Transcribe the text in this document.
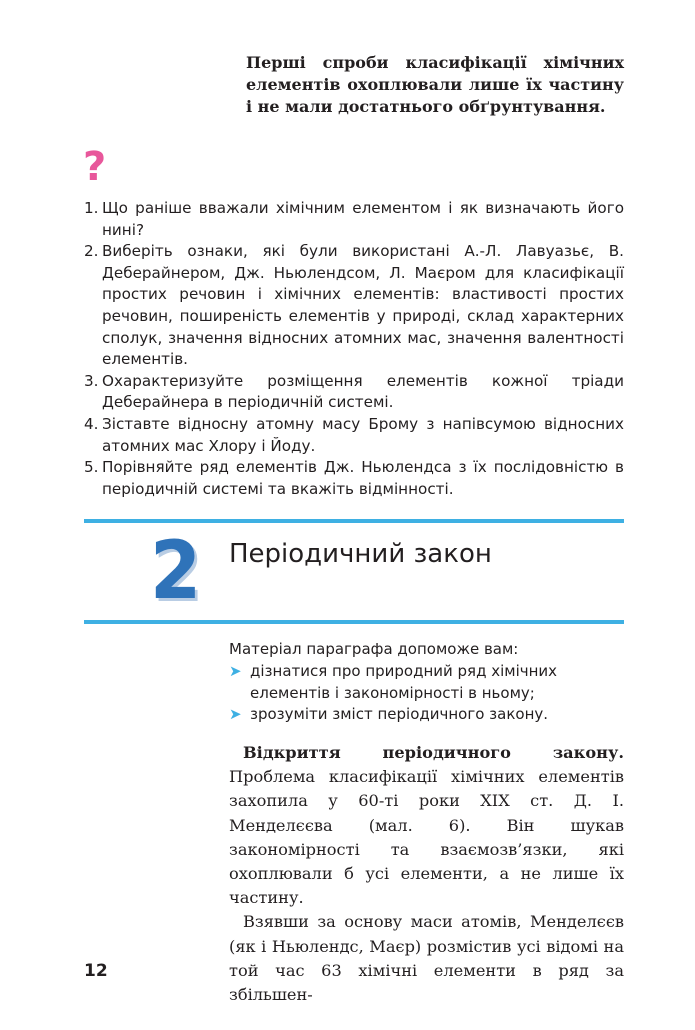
Перші спроби класифікації хімічних елементів охоплювали лише їх частину і не мали достатнього обґрунтування.

?
1. Що раніше вважали хімічним елементом і як визначають його нині?
2. Виберіть ознаки, які були використані А.-Л. Лавуазьє, В. Деберайнером, Дж. Ньюлендсом, Л. Маєром для класифікації простих речовин і хімічних елементів: властивості простих речовин, поширеність елементів у природі, склад характерних сполук, значення відносних атомних мас, значення валентності елементів.
3. Охарактеризуйте розміщення елементів кожної тріади Деберайнера в періодичній системі.
4. Зіставте відносну атомну масу Брому з напівсумою відносних атомних мас Хлору і Йоду.
5. Порівняйте ряд елементів Дж. Ньюлендса з їх послідовністю в періодичній системі та вкажіть відмінності.
2 Періодичний закон
Матеріал параграфа допоможе вам:
➤ дізнатися про природний ряд хімічних елементів і закономірності в ньому;
➤ зрозуміти зміст періодичного закону.

Відкриття періодичного закону. Проблема класифікації хімічних елементів захопила у 60-ті роки XIX ст. Д. І. Менделєєва (мал. 6). Він шукав закономірності та взаємозв’язки, які охоплювали б усі елементи, а не лише їх частину.

Взявши за основу маси атомів, Менделєєв (як і Ньюлендс, Маєр) розмістив усі відомі на той час 63 хімічні елементи в ряд за збільшен-

12
